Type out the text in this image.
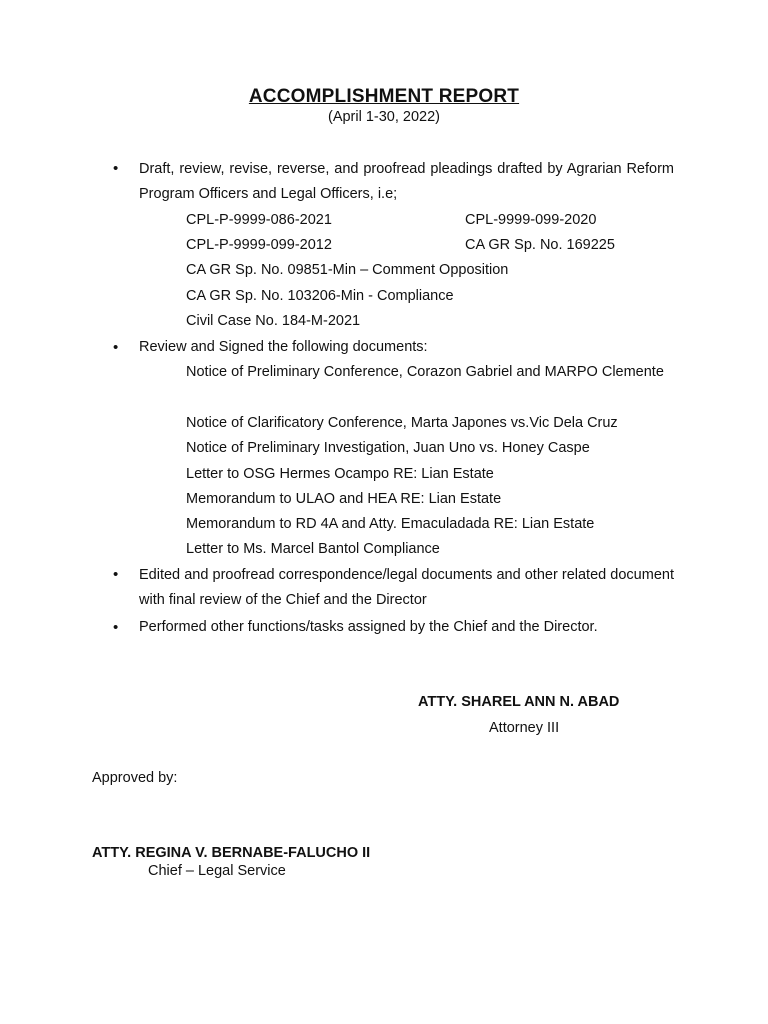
ACCOMPLISHMENT REPORT
(April 1-30, 2022)
• Draft, review, revise, reverse, and proofread pleadings drafted by Agrarian Reform Program Officers and Legal Officers, i.e;
CPL-P-9999-086-2021	CPL-9999-099-2020
CPL-P-9999-099-2012	CA GR Sp. No. 169225
CA GR Sp. No. 09851-Min – Comment Opposition
CA GR Sp. No. 103206-Min - Compliance
Civil Case No. 184-M-2021
• Review and Signed the following documents:
Notice of Preliminary Conference, Corazon Gabriel and MARPO Clemente
Notice of Clarificatory Conference, Marta Japones vs.Vic Dela Cruz
Notice of Preliminary Investigation, Juan Uno vs. Honey Caspe
Letter to OSG Hermes Ocampo RE: Lian Estate
Memorandum to ULAO and HEA RE: Lian Estate
Memorandum to RD 4A and Atty. Emaculadada RE: Lian Estate
Letter to Ms. Marcel Bantol Compliance
• Edited and proofread correspondence/legal documents and other related document with final review of the Chief and the Director
• Performed other functions/tasks assigned by the Chief and the Director.
ATTY. SHAREL ANN N. ABAD
Attorney III
Approved by:
ATTY. REGINA V. BERNABE-FALUCHO II
Chief – Legal Service
